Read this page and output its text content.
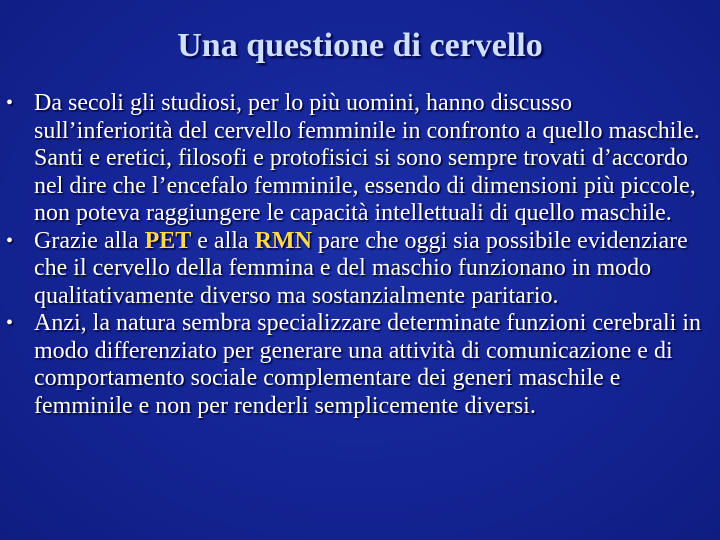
Una questione di cervello
• Da secoli gli studiosi, per lo più uomini, hanno discusso sull’inferiorità del cervello femminile in confronto a quello maschile. Santi e eretici, filosofi e protofisici si sono sempre trovati d’accordo nel dire che l’encefalo femminile, essendo di dimensioni più piccole, non poteva raggiungere le capacità intellettuali di quello maschile.
• Grazie alla PET e alla RMN pare che oggi sia possibile evidenziare che il cervello della femmina e del maschio funzionano in modo qualitativamente diverso ma sostanzialmente paritario.
• Anzi, la natura sembra specializzare determinate funzioni cerebrali in modo differenziato per generare una attività di comunicazione e di comportamento sociale complementare dei generi maschile e femminile e non per renderli semplicemente diversi.
